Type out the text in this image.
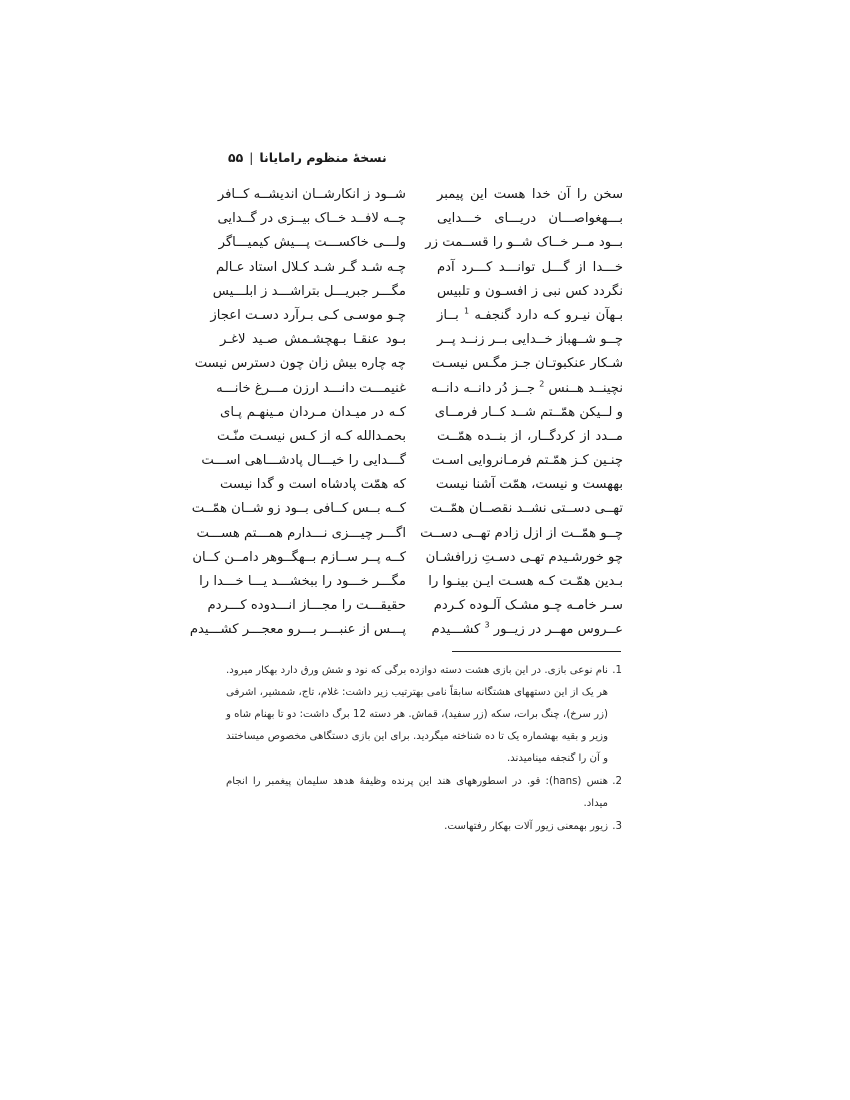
۵۵ | نسخهٔ منظوم رامایانا
سخن را آن خدا هست این پیمبر
بـــهغواصـــان دریـــای خـــدایی
بــود مــر خــاک شــو را قســمت زر
خـــدا از گـــل توانـــد کـــرد آدم
نگردد کس نبی ز افسـون و تلبیس
بـهآن نیـرو کـه دارد گنجفـه $^1$ بــاز
چــو شــهباز خــدایی بــر زنــد پــر
شـکار عنکبوتـان جـز مگـس نیسـت
نچینــد هــنس $^2$ جــز دُر دانــه دانــه
و لــیکن همّــتم شــد کــار فرمــای
مــدد از کردگــار، از بنــده همّــت
چنـین کـز همّـتم فرمـانروایی اسـت
بههست و نیست، همّت آشنا نیست
تهــی دســتی نشــد نقصــان همّــت
چــو همّــت از ازل زادم تهــی دســت
چو خورشـیدم تهـی دسـتِ زرافشـان
بـدین همّـت کـه هسـت ایـن بینـوا را
سـر خامـه چـو مشـک آلـوده کـردم
عــروس مهــر در زیــور $^3$ کشـــیدم
شــود ز انکارشــان اندیشــه کــافر
چــه لافــد خــاک بیــزی در گــدایی
ولـــی خاکســـت پـــیش کیمیـــاگر
چـه شـد گـر شـد کـلال استاد عـالم
مگـــر جبریـــل بتراشـــد ز ابلـــیس
چـو موسـی کـی بـرآرد دسـت اعجاز
بـود عنقـا بـهچشـمش صـید لاغـر
چه چاره بیش زان چون دسترس نیست
غنیمـــت دانـــد ارزن مـــرغ خانـــه
کـه در میـدان مـردان مـینهـم پـای
بحمـدالله کـه از کـس نیسـت منّـت
گـــدایی را خیـــال پادشـــاهی اســـت
که همّت پادشاه است و گدا نیست
کــه بــس کــافی بــود زو شــان همّــت
اگـــر چیـــزی نـــدارم همـــتم هســـت
کــه پــر ســازم بــهگــوهر دامــن کــان
مگـــر خـــود را ببخشـــد یـــا خـــدا را
حقیقـــت را مجـــاز انـــدوده کـــردم
پـــس از عنبـــر بـــرو معجـــر کشـــیدم
1.
نام نوعی بازی. در این بازی هشت دسته دوازده برگی که نود و شش ورق دارد بهکار میرود. هر یک از این دستههای هشتگانه سابقاً نامی بهترتیب زیر داشت: غلام، تاج، شمشیر، اشرفی (زر سرخ)، چنگ برات، سکه (زر سفید)، قماش. هر دسته 12 برگ داشت: دو تا بهنام شاه و وزیر و بقیه بهشماره یک تا ده شناخته میگردید. برای این بازی دستگاهی مخصوص میساختند و آن را گنجفه مینامیدند.
2.
هنس (hans): قو. در اسطورههای هند این پرنده وظیفهٔ هدهد سلیمان پیغمبر را انجام میداد.
3.
زیور بهمعنی زیور آلات بهکار رفتهاست.
